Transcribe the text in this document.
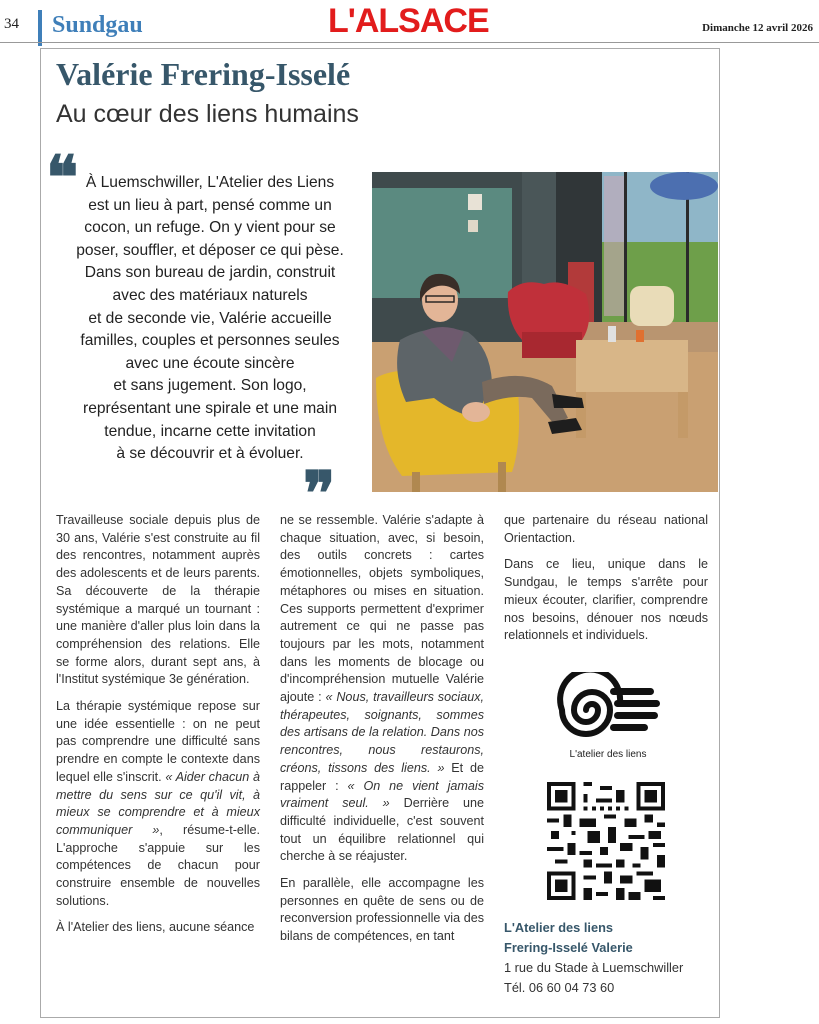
34 Sundgau	L'ALSACE	Dimanche 12 avril 2026
Valérie Frering-Isselé
Au cœur des liens humains
❝ À Luemschwiller, L'Atelier des Liens

est un lieu à part, pensé comme un

cocon, un refuge. On y vient pour se

poser, souffler, et déposer ce qui pèse.

Dans son bureau de jardin, construit

avec des matériaux naturels

et de seconde vie, Valérie accueille

familles, couples et personnes seules

avec une écoute sincère

et sans jugement. Son logo,

représentant une spirale et une main

tendue, incarne cette invitation

à se découvrir et à évoluer.

❞

Travailleuse sociale depuis plus de 30 ans, Valérie s'est construite au fil des rencontres, notamment auprès des adolescents et de leurs parents. Sa découverte de la thérapie systémique a marqué un tournant : une manière d'aller plus loin dans la compréhension des relations. Elle se forme alors, durant sept ans, à l'Institut systémique 3e génération.

La thérapie systémique repose sur une idée essentielle : on ne peut pas comprendre une difficulté sans prendre en compte le contexte dans lequel elle s'inscrit. « Aider chacun à mettre du sens sur ce qu'il vit, à mieux se comprendre et à mieux communiquer », résume-t-elle. L'approche s'appuie sur les compétences de chacun pour construire ensemble de nouvelles solutions.

À l'Atelier des liens, aucune séance

ne se ressemble. Valérie s'adapte à chaque situation, avec, si besoin, des outils concrets : cartes émotionnelles, objets symboliques, métaphores ou mises en situation. Ces supports permettent d'exprimer autrement ce qui ne passe pas toujours par les mots, notamment dans les moments de blocage ou d'incompréhension mutuelle Valérie ajoute : « Nous, travailleurs sociaux, thérapeutes, soignants, sommes des artisans de la relation. Dans nos rencontres, nous restaurons, créons, tissons des liens. » Et de rappeler : « On ne vient jamais vraiment seul. » Derrière une difficulté individuelle, c'est souvent tout un équilibre relationnel qui cherche à se réajuster.

En parallèle, elle accompagne les personnes en quête de sens ou de reconversion professionnelle via des bilans de compétences, en tant

que partenaire du réseau national Orientaction.

Dans ce lieu, unique dans le Sundgau, le temps s'arrête pour mieux écouter, clarifier, comprendre nos besoins, dénouer nos nœuds relationnels et individuels.

L'atelier des liens
L'Atelier des liens
Frering-Isselé Valerie
1 rue du Stade à Luemschwiller
Tél. 06 60 04 73 60
